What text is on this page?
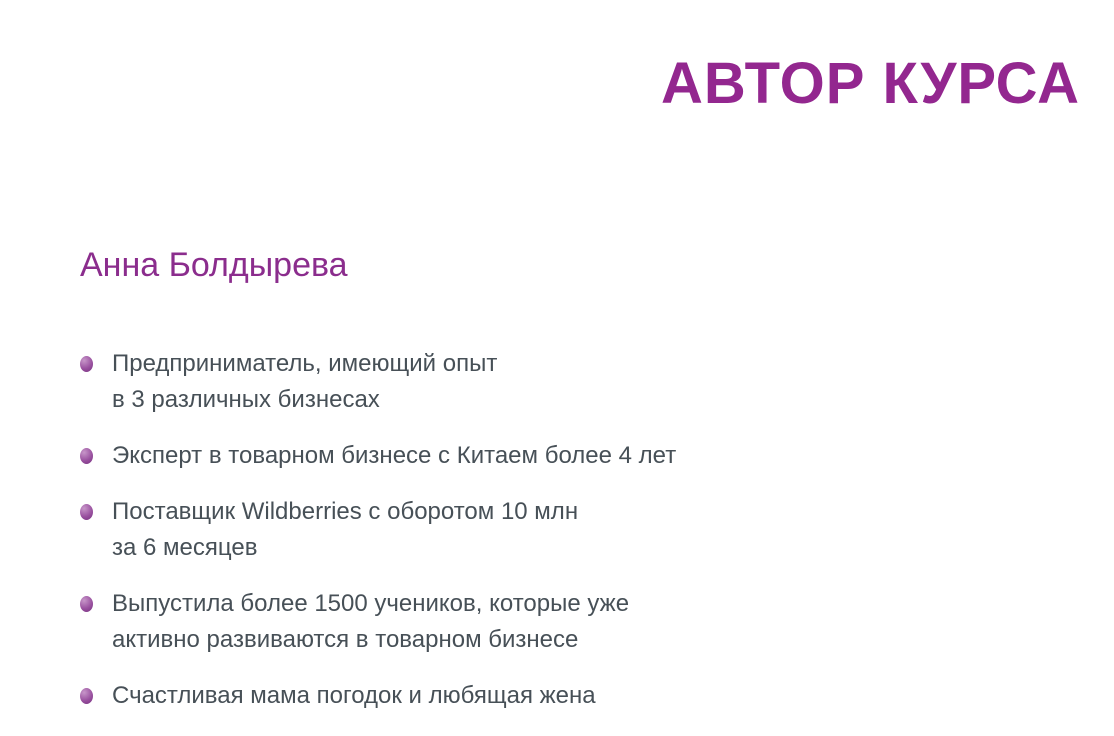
АВТОР КУРСА
Анна Болдырева
Предприниматель, имеющий опыт
в 3 различных бизнесах
Эксперт в товарном бизнесе с Китаем более 4 лет
Поставщик Wildberries с оборотом 10 млн
за 6 месяцев
Выпустила более 1500 учеников, которые уже
активно развиваются в товарном бизнесе
Счастливая мама погодок и любящая жена
